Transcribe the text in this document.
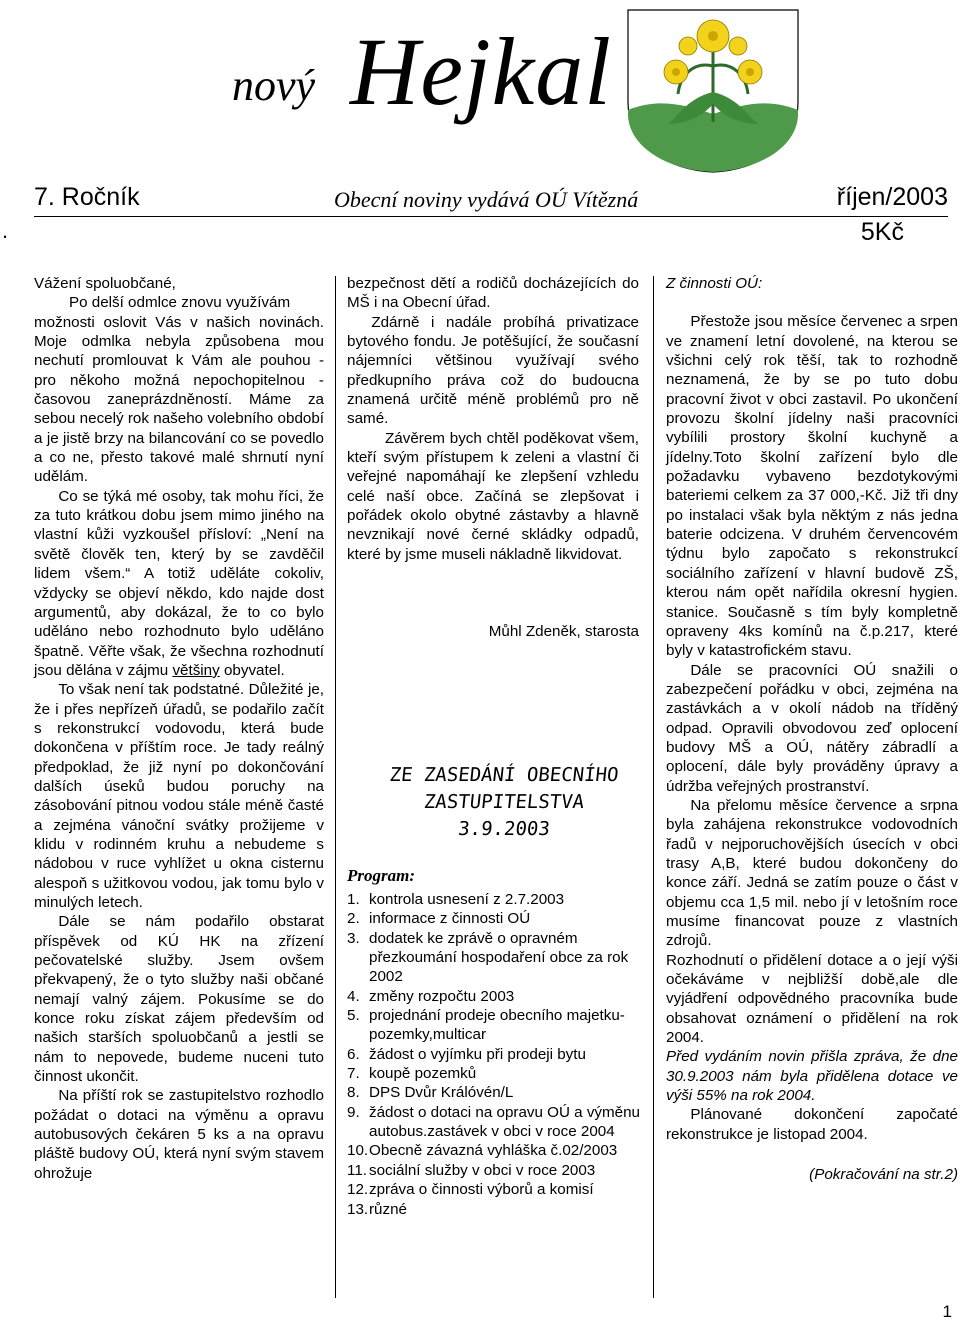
nový Hejkal
7. Ročník	Obecní noviny vydává OÚ Vítězná	říjen/2003
.	5Kč

Vážení spoluobčané,

Po delší odmlce znovu využívám

možnosti oslovit Vás v našich novinách. Moje odmlka nebyla způsobena mou nechutí promlouvat k Vám ale pouhou - pro někoho možná nepochopitelnou - časovou zaneprázdněností. Máme za sebou necelý rok našeho volebního období a je jistě brzy na bilancování co se povedlo a co ne, přesto takové malé shrnutí nyní udělám.

Co se týká mé osoby, tak mohu říci, že za tuto krátkou dobu jsem mimo jiného na vlastní kůži vyzkoušel přísloví: „Není na světě člověk ten, který by se zavděčil lidem všem.“ A totiž uděláte cokoliv, vždycky se objeví někdo, kdo najde dost argumentů, aby dokázal, že to co bylo uděláno nebo rozhodnuto bylo uděláno špatně. Věřte však, že všechna rozhodnutí jsou dělána v zájmu většiny obyvatel.

To však není tak podstatné. Důležité je, že i přes nepřízeň úřadů, se podařilo začít s rekonstrukcí vodovodu, která bude dokončena v příštím roce. Je tady reálný předpoklad, že již nyní po dokončování dalších úseků budou poruchy na zásobování pitnou vodou stále méně časté a zejména vánoční svátky prožijeme v klidu v rodinném kruhu a nebudeme s nádobou v ruce vyhlížet u okna cisternu alespoň s užitkovou vodou, jak tomu bylo v minulých letech.

Dále se nám podařilo obstarat příspěvek od KÚ HK na zřízení pečovatelské služby. Jsem ovšem překvapený, že o tyto služby naši občané nemají valný zájem. Pokusíme se do konce roku získat zájem především od našich starších spoluobčanů a jestli se nám to nepovede, budeme nuceni tuto činnost ukončit.

Na příští rok se zastupitelstvo rozhodlo požádat o dotaci na výměnu a opravu autobusových čekáren 5 ks a na opravu pláště budovy OÚ, která nyní svým stavem ohrožuje

bezpečnost dětí a rodičů docházejících do MŠ i na Obecní úřad.

Zdárně i nadále probíhá privatizace bytového fondu. Je potěšující, že současní nájemníci většinou využívají svého předkupního práva což do budoucna znamená určitě méně problémů pro ně samé.

Závěrem bych chtěl poděkovat všem, kteří svým přístupem k zeleni a vlastní či veřejné napomáhají ke zlepšení vzhledu celé naší obce. Začíná se zlepšovat i pořádek okolo obytné zástavby a hlavně nevznikají nové černé skládky odpadů, které by jsme museli nákladně likvidovat.

Můhl Zdeněk, starosta
ZE ZASEDÁNÍ OBECNÍHO
ZASTUPITELSTVA
3.9.2003
Program:
1. kontrola usnesení z 2.7.2003
2. informace z činnosti OÚ
3. dodatek ke zprávě o opravném přezkoumání hospodaření obce za rok 2002
4. změny rozpočtu 2003
5. projednání prodeje obecního majetku-pozemky,multicar
6. žádost o vyjímku při prodeji bytu
7. koupě pozemků
8. DPS Dvůr Králóvén/L
9. žádost o dotaci na opravu OÚ a výměnu autobus.zastávek v obci v roce 2004
10. Obecně závazná vyhláška č.02/2003
11. sociální služby v obci v roce 2003
12. zpráva o činnosti výborů a komisí
13. různé

Z činnosti OÚ:

Přestože jsou měsíce červenec a srpen ve znamení letní dovolené, na kterou se všichni celý rok těší, tak to rozhodně neznamená, že by se po tuto dobu pracovní život v obci zastavil. Po ukončení provozu školní jídelny naši pracovníci vybílili prostory školní kuchyně a jídelny.Toto školní zařízení bylo dle požadavku vybaveno bezdotykovými bateriemi celkem za 37 000,-Kč. Již tři dny po instalaci však byla něktým z nás jedna baterie odcizena. V druhém červencovém týdnu bylo započato s rekonstrukcí sociálního zařízení v hlavní budově ZŠ, kterou nám opět nařídila okresní hygien. stanice. Současně s tím byly kompletně opraveny 4ks komínů na č.p.217, které byly v katastrofickém stavu.

Dále se pracovníci OÚ snažili o zabezpečení pořádku v obci, zejména na zastávkách a v okolí nádob na tříděný odpad. Opravili obvodovou zeď oplocení budovy MŠ a OÚ, nátěry zábradlí a oplocení, dále byly prováděny úpravy a údržba veřejných prostranství.

Na přelomu měsíce července a srpna byla zahájena rekonstrukce vodovodních řadů v nejporuchovějších úsecích v obci trasy A,B, které budou dokončeny do konce září. Jedná se zatím pouze o část v objemu cca 1,5 mil. nebo jí v letošním roce musíme financovat pouze z vlastních zdrojů.

Rozhodnutí o přidělení dotace a o její výši očekáváme v nejbližší době,ale dle vyjádření odpovědného pracovníka bude obsahovat oznámení o přidělení na rok 2004.

Před vydáním novin přišla zpráva, že dne 30.9.2003 nám byla přidělena dotace ve výši 55% na rok 2004.

Plánované dokončení započaté rekonstrukce je listopad 2004.

(Pokračování na str.2)

1
